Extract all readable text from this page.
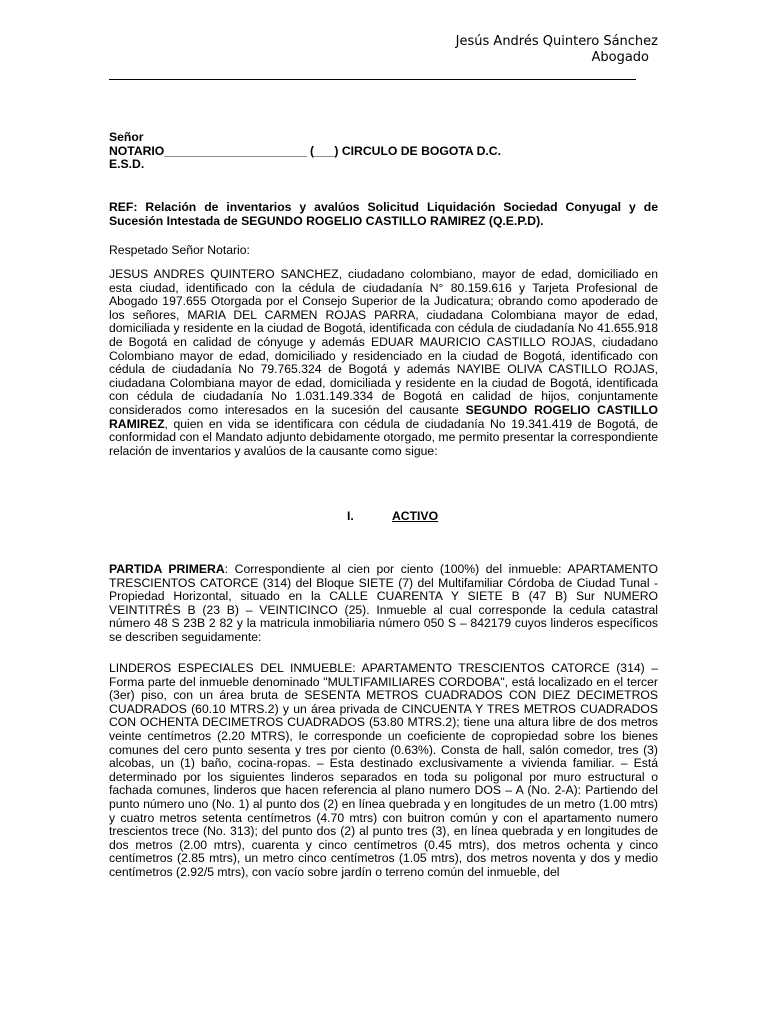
Jesús Andrés Quintero Sánchez
Abogado

Señor

NOTARIO_____________________ (___) CIRCULO DE BOGOTA D.C.

E.S.D.

REF: Relación de inventarios y avalúos Solicitud Liquidación Sociedad Conyugal y de Sucesión Intestada de SEGUNDO ROGELIO CASTILLO RAMIREZ (Q.E.P.D).
Respetado Señor Notario:
JESUS ANDRES QUINTERO SANCHEZ, ciudadano colombiano, mayor de edad, domiciliado en esta ciudad, identificado con la cédula de ciudadanía N° 80.159.616 y Tarjeta Profesional de Abogado 197.655 Otorgada por el Consejo Superior de la Judicatura; obrando como apoderado de los señores, MARIA DEL CARMEN ROJAS PARRA, ciudadana Colombiana mayor de edad, domiciliada y residente en la ciudad de Bogotá, identificada con cédula de ciudadanía No 41.655.918 de Bogotá en calidad de cónyuge y además EDUAR MAURICIO CASTILLO ROJAS, ciudadano Colombiano mayor de edad, domiciliado y residenciado en la ciudad de Bogotá, identificado con cédula de ciudadanía No 79.765.324 de Bogotá y además NAYIBE OLIVA CASTILLO ROJAS, ciudadana Colombiana mayor de edad, domiciliada y residente en la ciudad de Bogotá, identificada con cédula de ciudadanía No 1.031.149.334 de Bogotá en calidad de hijos, conjuntamente considerados como interesados en la sucesión del causante SEGUNDO ROGELIO CASTILLO RAMIREZ, quien en vida se identificara con cédula de ciudadanía No 19.341.419 de Bogotá, de conformidad con el Mandato adjunto debidamente otorgado, me permito presentar la correspondiente relación de inventarios y avalúos de la causante como sigue:
I.	ACTIVO
PARTIDA PRIMERA: Correspondiente al cien por ciento (100%) del inmueble: APARTAMENTO TRESCIENTOS CATORCE (314) del Bloque SIETE (7) del Multifamiliar Córdoba de Ciudad Tunal - Propiedad Horizontal, situado en la CALLE CUARENTA Y SIETE B (47 B) Sur NUMERO VEINTITRÉS B (23 B) – VEINTICINCO (25). Inmueble al cual corresponde la cedula catastral número 48 S 23B 2 82 y la matricula inmobiliaria número 050 S – 842179 cuyos linderos específicos se describen seguidamente:
LINDEROS ESPECIALES DEL INMUEBLE: APARTAMENTO TRESCIENTOS CATORCE (314) – Forma parte del inmueble denominado "MULTIFAMILIARES CORDOBA", está localizado en el tercer (3er) piso, con un área bruta de SESENTA METROS CUADRADOS CON DIEZ DECIMETROS CUADRADOS (60.10 MTRS.2) y un área privada de CINCUENTA Y TRES METROS CUADRADOS CON OCHENTA DECIMETROS CUADRADOS (53.80 MTRS.2); tiene una altura libre de dos metros veinte centímetros (2.20 MTRS), le corresponde un coeficiente de copropiedad sobre los bienes comunes del cero punto sesenta y tres por ciento (0.63%). Consta de hall, salón comedor, tres (3) alcobas, un (1) baño, cocina-ropas. – Esta destinado exclusivamente a vivienda familiar. – Está determinado por los siguientes linderos separados en toda su poligonal por muro estructural o fachada comunes, linderos que hacen referencia al plano numero DOS – A (No. 2-A): Partiendo del punto número uno (No. 1) al punto dos (2) en línea quebrada y en longitudes de un metro (1.00 mtrs) y cuatro metros setenta centímetros (4.70 mtrs) con buitron común y con el apartamento numero trescientos trece (No. 313); del punto dos (2) al punto tres (3), en línea quebrada y en longitudes de dos metros (2.00 mtrs), cuarenta y cinco centímetros (0.45 mtrs), dos metros ochenta y cinco centímetros (2.85 mtrs), un metro cinco centímetros (1.05 mtrs), dos metros noventa y dos y medio centímetros (2.92/5 mtrs), con vacío sobre jardín o terreno común del inmueble, del
